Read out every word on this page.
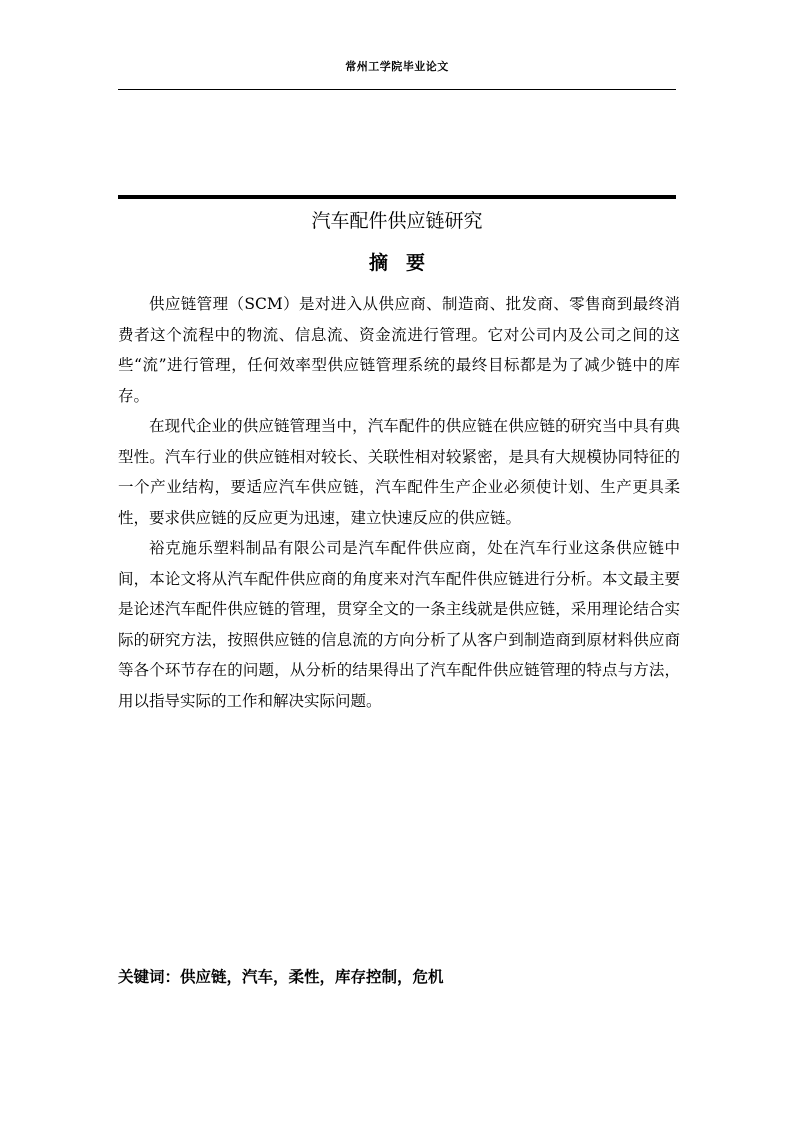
常州工学院毕业论文
汽车配件供应链研究
摘要

供应链管理（SCM）是对进入从供应商、制造商、批发商、零售商到最终消费者这个流程中的物流、信息流、资金流进行管理。它对公司内及公司之间的这些“流”进行管理，任何效率型供应链管理系统的最终目标都是为了减少链中的库存。

在现代企业的供应链管理当中，汽车配件的供应链在供应链的研究当中具有典型性。汽车行业的供应链相对较长、关联性相对较紧密，是具有大规模协同特征的一个产业结构，要适应汽车供应链，汽车配件生产企业必须使计划、生产更具柔性，要求供应链的反应更为迅速，建立快速反应的供应链。

裕克施乐塑料制品有限公司是汽车配件供应商，处在汽车行业这条供应链中间，本论文将从汽车配件供应商的角度来对汽车配件供应链进行分析。本文最主要是论述汽车配件供应链的管理，贯穿全文的一条主线就是供应链，采用理论结合实际的研究方法，按照供应链的信息流的方向分析了从客户到制造商到原材料供应商等各个环节存在的问题，从分析的结果得出了汽车配件供应链管理的特点与方法，用以指导实际的工作和解决实际问题。

关键词：供应链，汽车，柔性，库存控制，危机
